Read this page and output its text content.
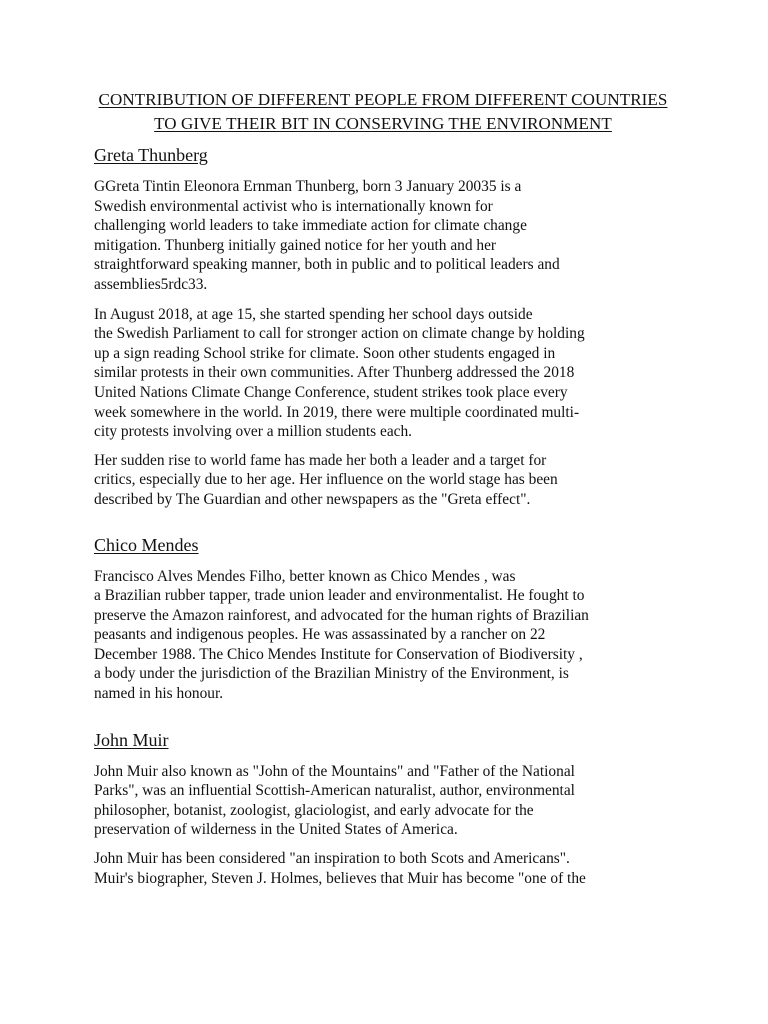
CONTRIBUTION OF DIFFERENT PEOPLE FROM DIFFERENT COUNTRIES TO GIVE THEIR BIT IN CONSERVING THE ENVIRONMENT
Greta Thunberg

GGreta Tintin Eleonora Ernman Thunberg, born 3 January 20035 is a
Swedish environmental activist who is internationally known for
challenging world leaders to take immediate action for climate change
mitigation. Thunberg initially gained notice for her youth and her
straightforward speaking manner, both in public and to political leaders and
assemblies5rdc33.

In August 2018, at age 15, she started spending her school days outside
the Swedish Parliament to call for stronger action on climate change by holding
up a sign reading School strike for climate. Soon other students engaged in
similar protests in their own communities. After Thunberg addressed the 2018
United Nations Climate Change Conference, student strikes took place every
week somewhere in the world. In 2019, there were multiple coordinated multi-
city protests involving over a million students each.

Her sudden rise to world fame has made her both a leader and a target for
critics, especially due to her age. Her influence on the world stage has been
described by The Guardian and other newspapers as the "Greta effect".

Chico Mendes

Francisco Alves Mendes Filho, better known as Chico Mendes , was
a Brazilian rubber tapper, trade union leader and environmentalist. He fought to
preserve the Amazon rainforest, and advocated for the human rights of Brazilian
peasants and indigenous peoples. He was assassinated by a rancher on 22
December 1988. The Chico Mendes Institute for Conservation of Biodiversity ,
a body under the jurisdiction of the Brazilian Ministry of the Environment, is
named in his honour.

John Muir

John Muir also known as "John of the Mountains" and "Father of the National
Parks", was an influential Scottish-American naturalist, author, environmental
philosopher, botanist, zoologist, glaciologist, and early advocate for the
preservation of wilderness in the United States of America.

John Muir has been considered "an inspiration to both Scots and Americans".
Muir's biographer, Steven J. Holmes, believes that Muir has become "one of the
